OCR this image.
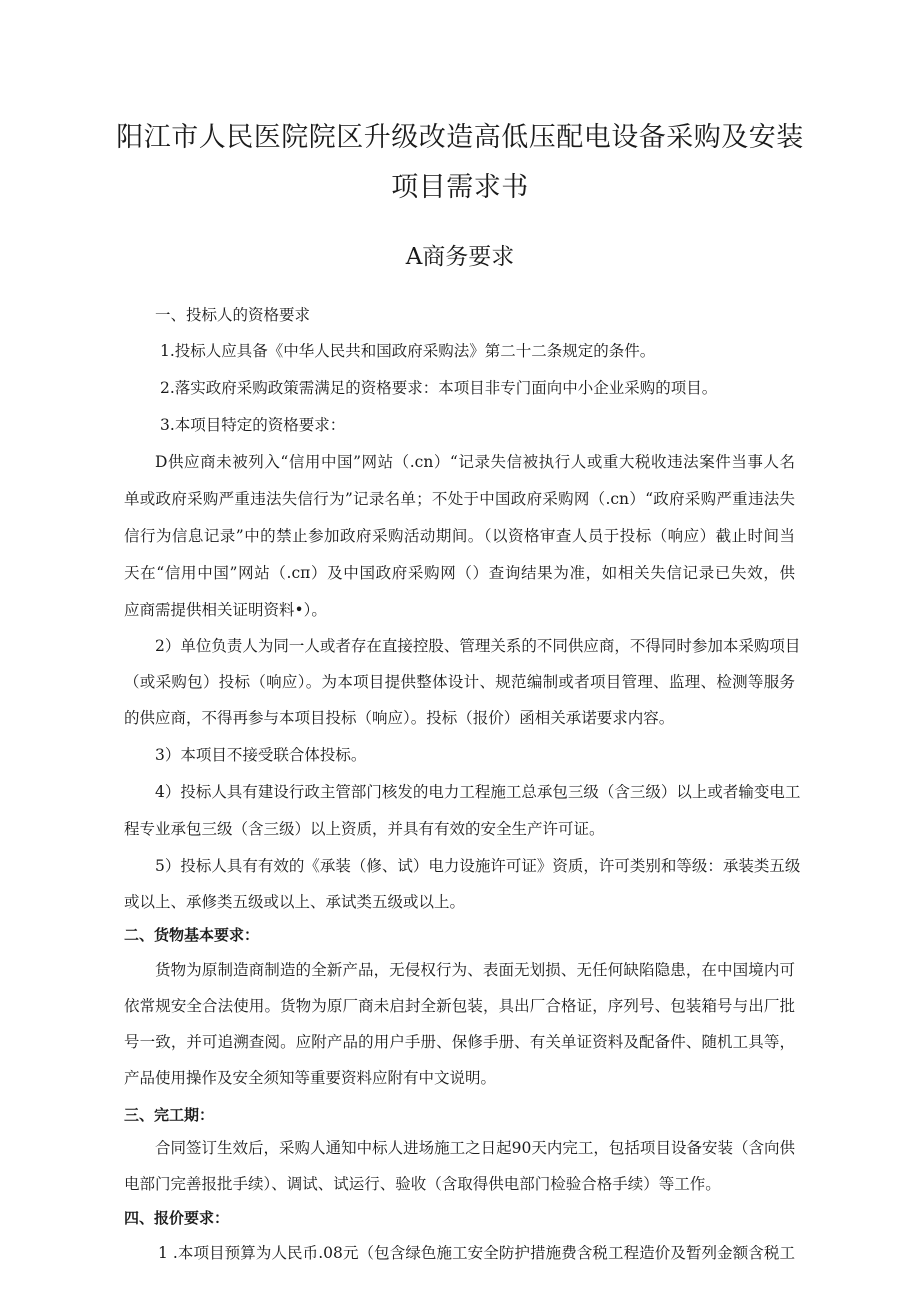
阳江市人民医院院区升级改造高低压配电设备采购及安装
项目需求书
A商务要求
一、投标人的资格要求
1.投标人应具备《中华人民共和国政府采购法》第二十二条规定的条件。
2.落实政府采购政策需满足的资格要求：本项目非专门面向中小企业采购的项目。
3.本项目特定的资格要求：
D供应商未被列入“信用中国”网站（.cn）“记录失信被执行人或重大税收违法案件当事人名
单或政府采购严重违法失信行为”记录名单；不处于中国政府采购网（.cn）“政府采购严重违法失
信行为信息记录”中的禁止参加政府采购活动期间。（以资格审查人员于投标（响应）截止时间当
天在“信用中国”网站（.cπ）及中国政府采购网（）查询结果为准，如相关失信记录已失效，供
应商需提供相关证明资料•）。
2）单位负责人为同一人或者存在直接控股、管理关系的不同供应商，不得同时参加本采购项目
（或采购包）投标（响应）。为本项目提供整体设计、规范编制或者项目管理、监理、检测等服务
的供应商，不得再参与本项目投标（响应）。投标（报价）函相关承诺要求内容。
3）本项目不接受联合体投标。
4）投标人具有建设行政主管部门核发的电力工程施工总承包三级（含三级）以上或者输变电工
程专业承包三级（含三级）以上资质，并具有有效的安全生产许可证。
5）投标人具有有效的《承装（修、试）电力设施许可证》资质，许可类别和等级：承装类五级
或以上、承修类五级或以上、承试类五级或以上。
二、货物基本要求：
货物为原制造商制造的全新产品，无侵权行为、表面无划损、无任何缺陷隐患，在中国境内可
依常规安全合法使用。货物为原厂商未启封全新包装，具出厂合格证，序列号、包装箱号与出厂批
号一致，并可追溯查阅。应附产品的用户手册、保修手册、有关单证资料及配备件、随机工具等，
产品使用操作及安全须知等重要资料应附有中文说明。
三、完工期：
合同签订生效后，采购人通知中标人进场施工之日起90天内完工，包括项目设备安装（含向供
电部门完善报批手续）、调试、试运行、验收（含取得供电部门检验合格手续）等工作。
四、报价要求：
1 .本项目预算为人民币.08元（包含绿色施工安全防护措施费含税工程造价及暂列金额含税工
